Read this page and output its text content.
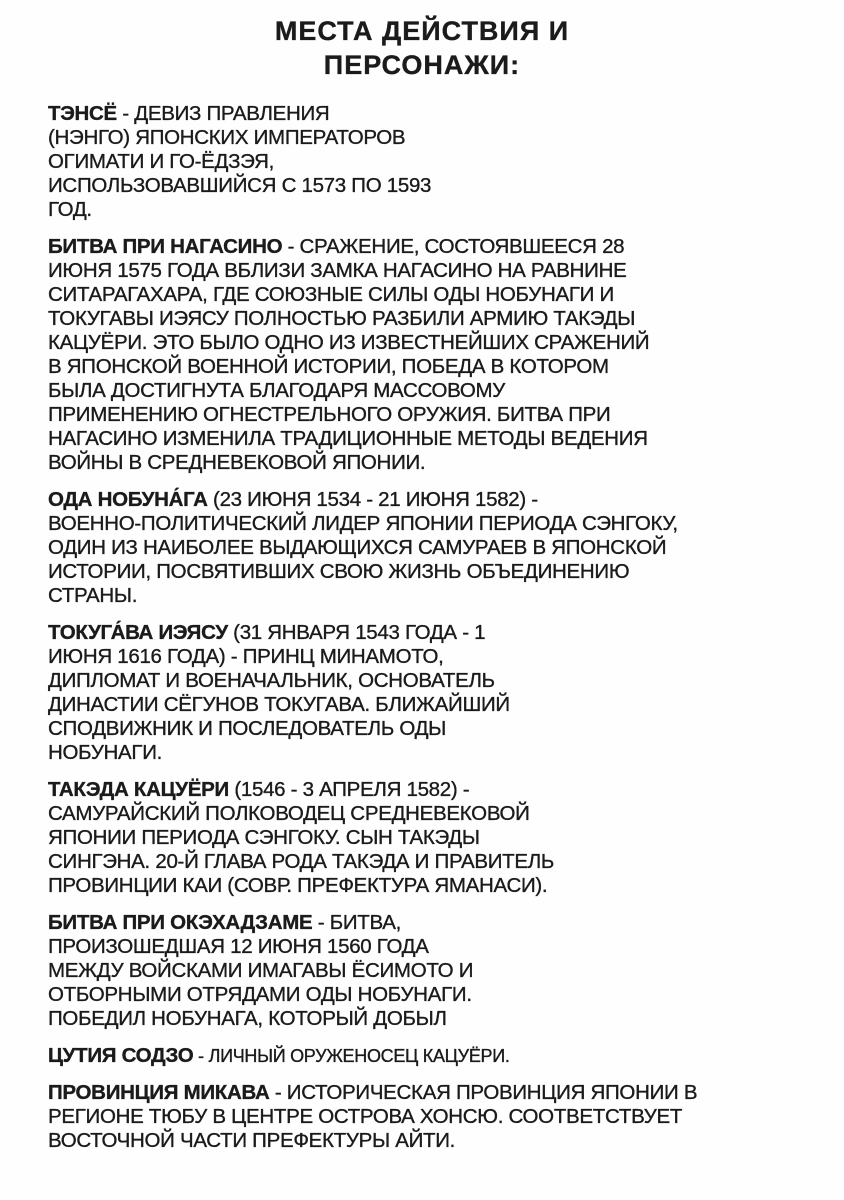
МЕСТА ДЕЙСТВИЯ И
ПЕРСОНАЖИ:
ТЭНСЁ - ДЕВИЗ ПРАВЛЕНИЯ
(НЭНГО) ЯПОНСКИХ ИМПЕРАТОРОВ
ОГИМАТИ И ГО-ЁДЗЭЯ,
ИСПОЛЬЗОВАВШИЙСЯ С 1573 ПО 1593
ГОД.
БИТВА ПРИ НАГАСИНО - СРАЖЕНИЕ, СОСТОЯВШЕЕСЯ 28
ИЮНЯ 1575 ГОДА ВБЛИЗИ ЗАМКА НАГАСИНО НА РАВНИНЕ
СИТАРАГАХАРА, ГДЕ СОЮЗНЫЕ СИЛЫ ОДЫ НОБУНАГИ И
ТОКУГАВЫ ИЭЯСУ ПОЛНОСТЬЮ РАЗБИЛИ АРМИЮ ТАКЭДЫ
КАЦУЁРИ. ЭТО БЫЛО ОДНО ИЗ ИЗВЕСТНЕЙШИХ СРАЖЕНИЙ
В ЯПОНСКОЙ ВОЕННОЙ ИСТОРИИ, ПОБЕДА В КОТОРОМ
БЫЛА ДОСТИГНУТА БЛАГОДАРЯ МАССОВОМУ
ПРИМЕНЕНИЮ ОГНЕСТРЕЛЬНОГО ОРУЖИЯ. БИТВА ПРИ
НАГАСИНО ИЗМЕНИЛА ТРАДИЦИОННЫЕ МЕТОДЫ ВЕДЕНИЯ
ВОЙНЫ В СРЕДНЕВЕКОВОЙ ЯПОНИИ.
ОДА НОБУНА́ГА (23 ИЮНЯ 1534 - 21 ИЮНЯ 1582) -
ВОЕННО-ПОЛИТИЧЕСКИЙ ЛИДЕР ЯПОНИИ ПЕРИОДА СЭНГОКУ,
ОДИН ИЗ НАИБОЛЕЕ ВЫДАЮЩИХСЯ САМУРАЕВ В ЯПОНСКОЙ
ИСТОРИИ, ПОСВЯТИВШИХ СВОЮ ЖИЗНЬ ОБЪЕДИНЕНИЮ
СТРАНЫ.
ТОКУГА́ВА ИЭЯСУ (31 ЯНВАРЯ 1543 ГОДА - 1
ИЮНЯ 1616 ГОДА) - ПРИНЦ МИНАМОТО,
ДИПЛОМАТ И ВОЕНАЧАЛЬНИК, ОСНОВАТЕЛЬ
ДИНАСТИИ СЁГУНОВ ТОКУГАВА. БЛИЖАЙШИЙ
СПОДВИЖНИК И ПОСЛЕДОВАТЕЛЬ ОДЫ
НОБУНАГИ.
ТАКЭДА КАЦУЁРИ (1546 - 3 АПРЕЛЯ 1582) -
САМУРАЙСКИЙ ПОЛКОВОДЕЦ СРЕДНЕВЕКОВОЙ
ЯПОНИИ ПЕРИОДА СЭНГОКУ. СЫН ТАКЭДЫ
СИНГЭНА. 20-Й ГЛАВА РОДА ТАКЭДА И ПРАВИТЕЛЬ
ПРОВИНЦИИ КАИ (СОВР. ПРЕФЕКТУРА ЯМАНАСИ).
БИТВА ПРИ ОКЭХАДЗАМЕ - БИТВА,
ПРОИЗОШЕДШАЯ 12 ИЮНЯ 1560 ГОДА
МЕЖДУ ВОЙСКАМИ ИМАГАВЫ ЁСИМОТО И
ОТБОРНЫМИ ОТРЯДАМИ ОДЫ НОБУНАГИ.
ПОБЕДИЛ НОБУНАГА, КОТОРЫЙ ДОБЫЛ
ЦУТИЯ СОДЗО - ЛИЧНЫЙ ОРУЖЕНОСЕЦ КАЦУЁРИ.
ПРОВИНЦИЯ МИКАВА - ИСТОРИЧЕСКАЯ ПРОВИНЦИЯ ЯПОНИИ В
РЕГИОНЕ ТЮБУ В ЦЕНТРЕ ОСТРОВА ХОНСЮ. СООТВЕТСТВУЕТ
ВОСТОЧНОЙ ЧАСТИ ПРЕФЕКТУРЫ АЙТИ.
